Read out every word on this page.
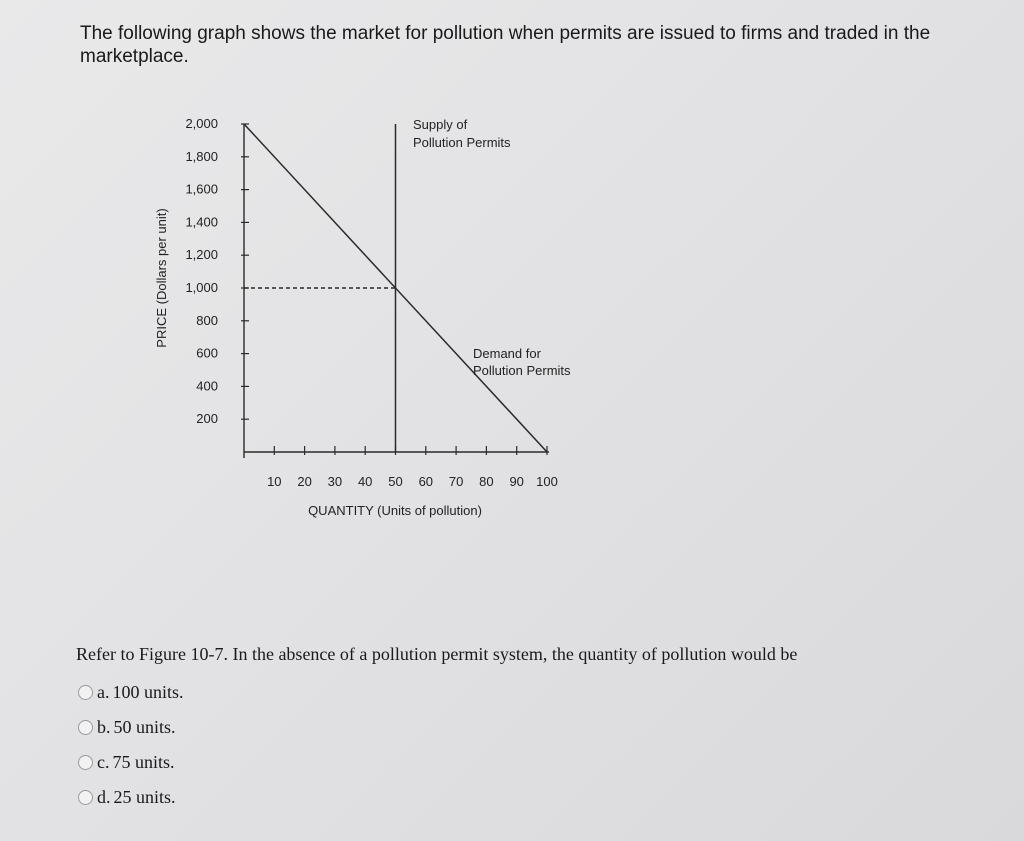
The following graph shows the market for pollution when permits are issued to firms and traded in the marketplace.

200
400
600
800
1,000
1,200
1,400
1,600
1,800
2,000
10 20 30 40 50 60 70 80 90 100
Supply of
Pollution Permits
Demand for
Pollution Permits
PRICE (Dollars per unit)
QUANTITY (Units of pollution)

Refer to Figure 10-7. In the absence of a pollution permit system, the quantity of pollution would be

a . 100 units.
b . 50 units.
c . 75 units.
d . 25 units.
